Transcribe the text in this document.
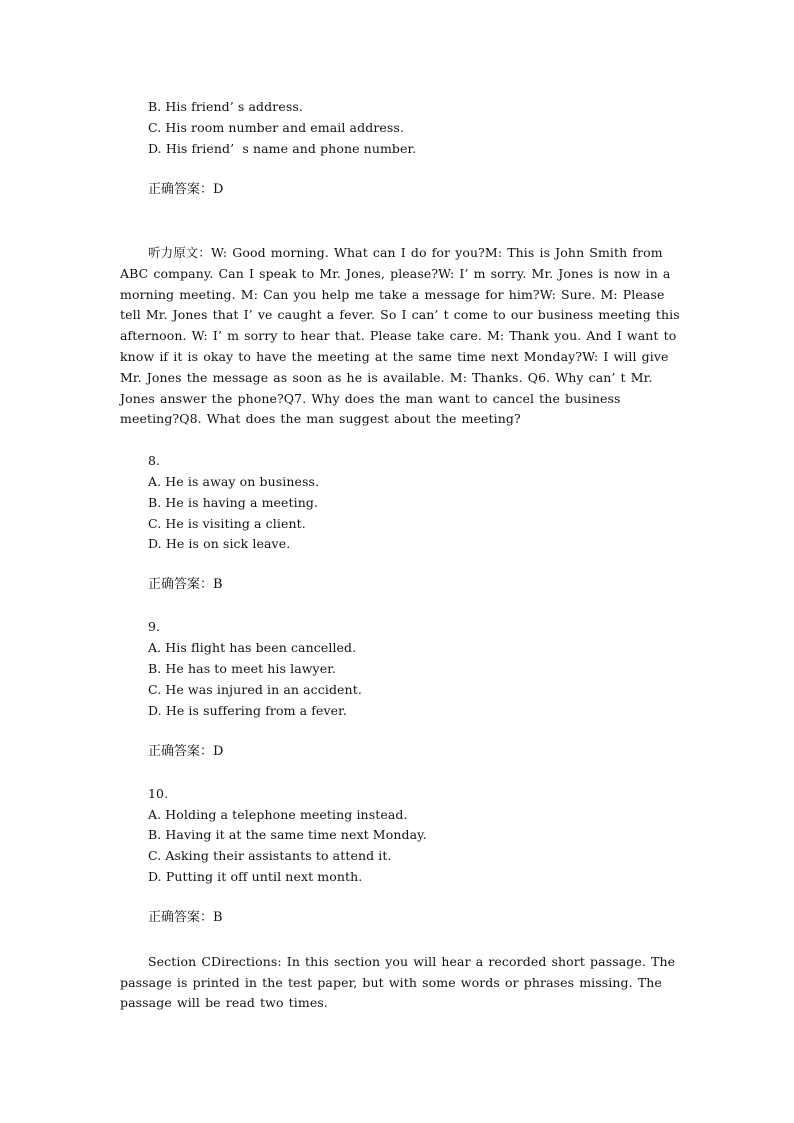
B. His friend’ s address.
C. His room number and email address.
D. His friend’  s name and phone number.
正确答案：D
听力原文：W: Good morning. What can I do for you?M: This is John Smith from ABC company. Can I speak to Mr. Jones, please?W: I’ m sorry. Mr. Jones is now in a morning meeting. M: Can you help me take a message for him?W: Sure. M: Please tell Mr. Jones that I’ ve caught a fever. So I can’ t come to our business meeting this afternoon. W: I’ m sorry to hear that. Please take care. M: Thank you. And I want to know if it is okay to have the meeting at the same time next Monday?W: I will give Mr. Jones the message as soon as he is available. M: Thanks. Q6. Why can’ t Mr. Jones answer the phone?Q7. Why does the man want to cancel the business meeting?Q8. What does the man suggest about the meeting?
8.
A. He is away on business.
B. He is having a meeting.
C. He is visiting a client.
D. He is on sick leave.
正确答案：B
9.
A. His flight has been cancelled.
B. He has to meet his lawyer.
C. He was injured in an accident.
D. He is suffering from a fever.
正确答案：D
10.
A. Holding a telephone meeting instead.
B. Having it at the same time next Monday.
C. Asking their assistants to attend it.
D. Putting it off until next month.
正确答案：B
Section CDirections: In this section you will hear a recorded short passage. The passage is printed in the test paper, but with some words or phrases missing. The passage will be read two times.
